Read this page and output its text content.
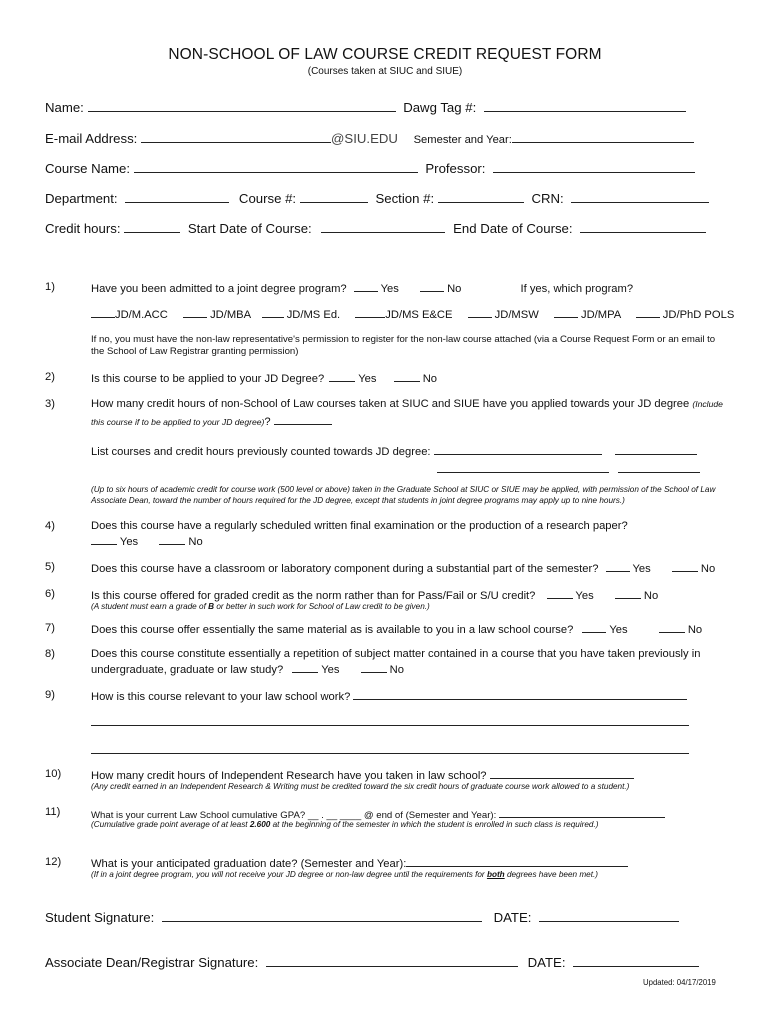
NON-SCHOOL OF LAW COURSE CREDIT REQUEST FORM
(Courses taken at SIUC and SIUE)
Name:	Dawg Tag #:
E-mail Address:	@SIU.EDU Semester and Year:
Course Name:	Professor:
Department:	Course #:	Section #:	CRN:
Credit hours:	Start Date of Course:	End Date of Course:
1)	Have you been admitted to a joint degree program?	Yes	No	If yes, which program?
JD/M.ACC	JD/MBA	JD/MS Ed.	JD/MS E&CE	JD/MSW	JD/MPA	JD/PhD POLS
If no, you must have the non-law representative's permission to register for the non-law course attached (via a Course Request Form or an email to the School of Law Registrar granting permission)
2)	Is this course to be applied to your JD Degree?	Yes	No
3)	How many credit hours of non-School of Law courses taken at SIUC and SIUE have you applied towards your JD degree (Include
this course if to be applied to your JD degree)?
List courses and credit hours previously counted towards JD degree:

(Up to six hours of academic credit for course work (500 level or above) taken in the Graduate School at SIUC or SIUE may be applied, with permission of the School of Law Associate Dean, toward the number of hours required for the JD degree, except that students in joint degree programs may apply up to nine hours.)
4)	Does this course have a regularly scheduled written final examination or the production of a research paper?
Yes	No
5)	Does this course have a classroom or laboratory component during a substantial part of the semester?	Yes	No
6)	Is this course offered for graded credit as the norm rather than for Pass/Fail or S/U credit?	Yes	No
(A student must earn a grade of B or better in such work for School of Law credit to be given.)
7)	Does this course offer essentially the same material as is available to you in a law school course?	Yes	No
8)	Does this course constitute essentially a repetition of subject matter contained in a course that you have taken previously in
undergraduate, graduate or law study?	Yes	No
9)	How is this course relevant to your law school work?
10)	How many credit hours of Independent Research have you taken in law school?
(Any credit earned in an Independent Research & Writing must be credited toward the six credit hours of graduate course work allowed to a student.)
11)	What is your current Law School cumulative GPA? __ . __ ____ @ end of (Semester and Year):
(Cumulative grade point average of at least 2.600 at the beginning of the semester in which the student is enrolled in such class is required.)
12)	What is your anticipated graduation date? (Semester and Year):
(If in a joint degree program, you will not receive your JD degree or non-law degree until the requirements for both degrees have been met.)
Student Signature:	DATE:
Associate Dean/Registrar Signature:	DATE:
Updated: 04/17/2019
